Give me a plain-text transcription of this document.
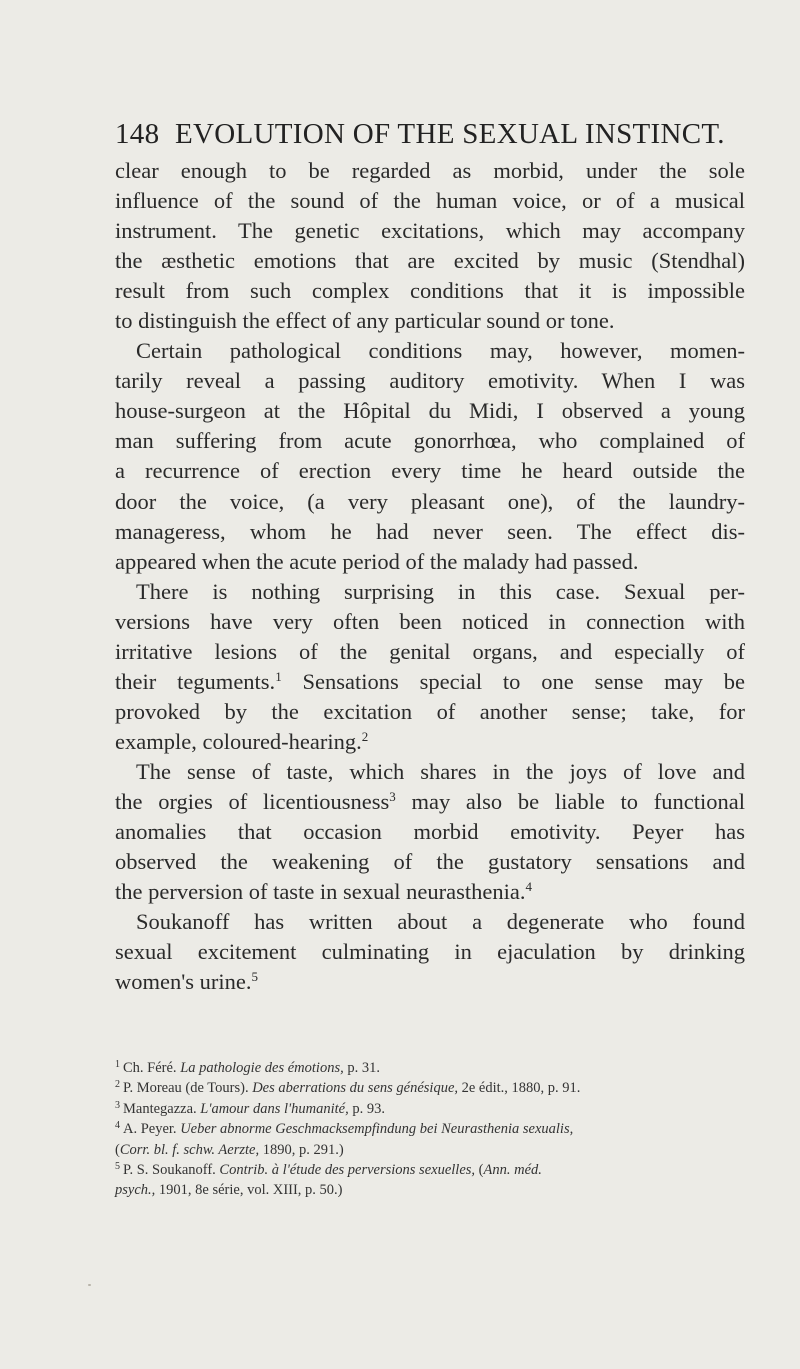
148 EVOLUTION OF THE SEXUAL INSTINCT.
clear enough to be regarded as morbid, under the sole
influence of the sound of the human voice, or of a musical
instrument. The genetic excitations, which may accompany
the æsthetic emotions that are excited by music (Stendhal)
result from such complex conditions that it is impossible
to distinguish the effect of any particular sound or tone.
Certain pathological conditions may, however, momen-
tarily reveal a passing auditory emotivity. When I was
house-surgeon at the Hôpital du Midi, I observed a young
man suffering from acute gonorrhœa, who complained of
a recurrence of erection every time he heard outside the
door the voice, (a very pleasant one), of the laundry-
manageress, whom he had never seen. The effect dis-
appeared when the acute period of the malady had passed.
There is nothing surprising in this case. Sexual per-
versions have very often been noticed in connection with
irritative lesions of the genital organs, and especially of
their teguments.$^1$ Sensations special to one sense may be
provoked by the excitation of another sense; take, for
example, coloured-hearing.$^2$
The sense of taste, which shares in the joys of love and
the orgies of licentiousness$^3$ may also be liable to functional
anomalies that occasion morbid emotivity. Peyer has
observed the weakening of the gustatory sensations and
the perversion of taste in sexual neurasthenia.$^4$
Soukanoff has written about a degenerate who found
sexual excitement culminating in ejaculation by drinking
women's urine.$^5$
$^1$ Ch. Féré. La pathologie des émotions, p. 31.
$^2$ P. Moreau (de Tours). Des aberrations du sens génésique, 2e édit., 1880, p. 91.
$^3$ Mantegazza. L'amour dans l'humanité, p. 93.
$^4$ A. Peyer. Ueber abnorme Geschmacksempfindung bei Neurasthenia sexualis,
(Corr. bl. f. schw. Aerzte, 1890, p. 291.)
$^5$ P. S. Soukanoff. Contrib. à l'étude des perversions sexuelles, (Ann. méd.
psych., 1901, 8e série, vol. XIII, p. 50.)
